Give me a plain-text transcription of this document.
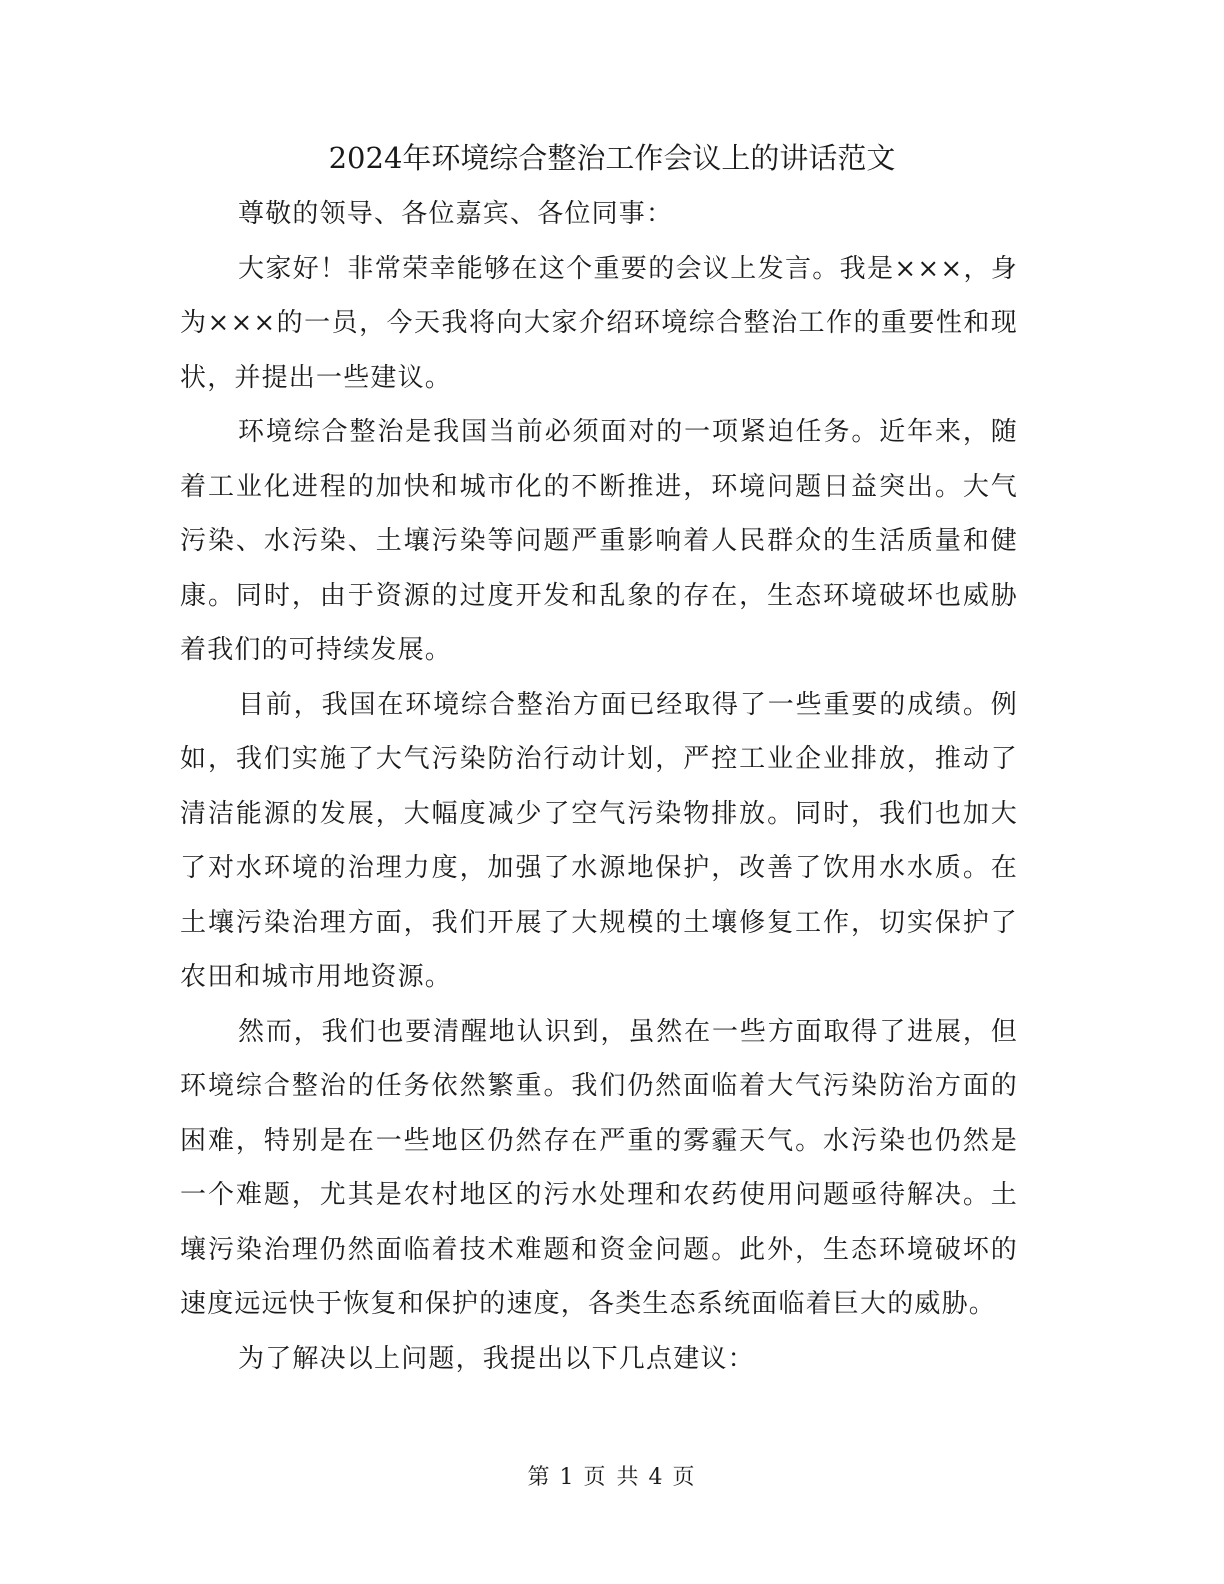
2024年环境综合整治工作会议上的讲话范文

尊敬的领导、各位嘉宾、各位同事：

大家好！非常荣幸能够在这个重要的会议上发言。我是×××，身为×××的一员，今天我将向大家介绍环境综合整治工作的重要性和现状，并提出一些建议。

环境综合整治是我国当前必须面对的一项紧迫任务。近年来，随着工业化进程的加快和城市化的不断推进，环境问题日益突出。大气污染、水污染、土壤污染等问题严重影响着人民群众的生活质量和健康。同时，由于资源的过度开发和乱象的存在，生态环境破坏也威胁着我们的可持续发展。

目前，我国在环境综合整治方面已经取得了一些重要的成绩。例如，我们实施了大气污染防治行动计划，严控工业企业排放，推动了清洁能源的发展，大幅度减少了空气污染物排放。同时，我们也加大了对水环境的治理力度，加强了水源地保护，改善了饮用水水质。在土壤污染治理方面，我们开展了大规模的土壤修复工作，切实保护了农田和城市用地资源。

然而，我们也要清醒地认识到，虽然在一些方面取得了进展，但环境综合整治的任务依然繁重。我们仍然面临着大气污染防治方面的困难，特别是在一些地区仍然存在严重的雾霾天气。水污染也仍然是一个难题，尤其是农村地区的污水处理和农药使用问题亟待解决。土壤污染治理仍然面临着技术难题和资金问题。此外，生态环境破坏的速度远远快于恢复和保护的速度，各类生态系统面临着巨大的威胁。

为了解决以上问题，我提出以下几点建议：

第 1 页 共 4 页
